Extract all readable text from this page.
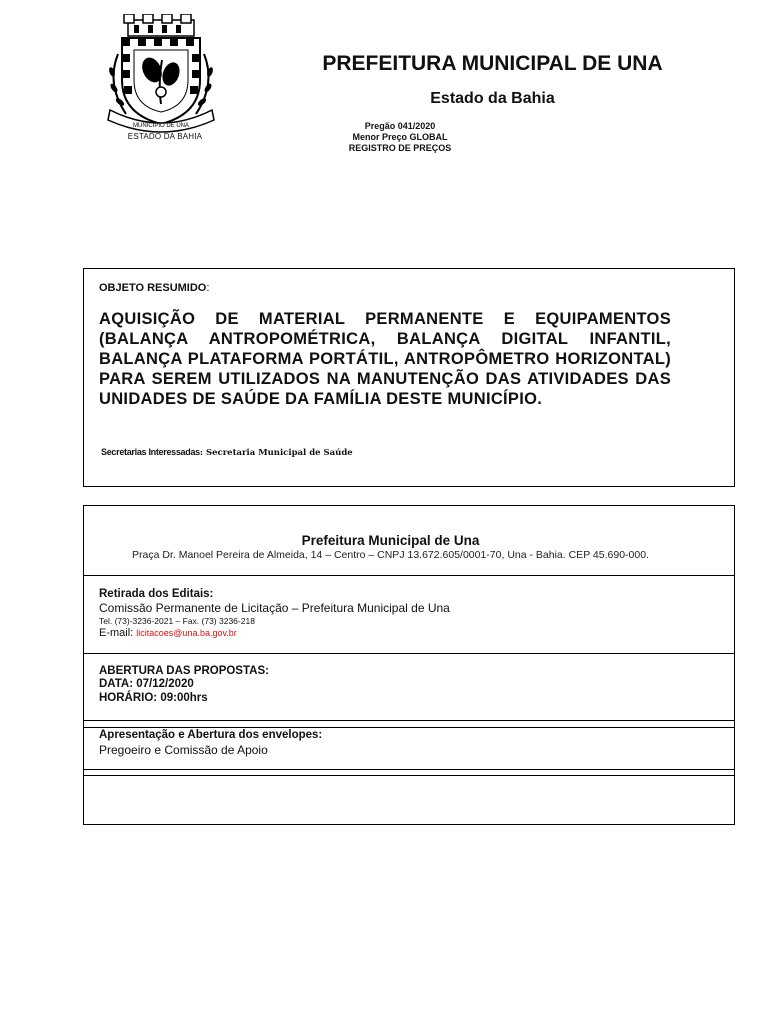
MUNICÍPIO DE UNA
ESTADO DA BAHIA
PREFEITURA MUNICIPAL DE UNA
Estado da Bahia
Pregão 041/2020
Menor Preço GLOBAL
REGISTRO DE PREÇOS
OBJETO RESUMIDO:
AQUISIÇÃO DE MATERIAL PERMANENTE E EQUIPAMENTOS (BALANÇA ANTROPOMÉTRICA, BALANÇA DIGITAL INFANTIL, BALANÇA PLATAFORMA PORTÁTIL, ANTROPÔMETRO HORIZONTAL) PARA SEREM UTILIZADOS NA MANUTENÇÃO DAS ATIVIDADES DAS UNIDADES DE SAÚDE DA FAMÍLIA DESTE MUNICÍPIO.
Secretarias Interessadas: Secretaria Municipal de Saúde
Prefeitura Municipal de Una
Praça Dr. Manoel Pereira de Almeida, 14 – Centro – CNPJ 13.672.605/0001-70, Una - Bahia. CEP 45.690-000.
Retirada dos Editais:
Comissão Permanente de Licitação – Prefeitura Municipal de Una
Tel. (73)-3236-2021 – Fax. (73) 3236-218
E-mail: licitacoes@una.ba.gov.br
ABERTURA DAS PROPOSTAS:
DATA: 07/12/2020
HORÁRIO: 09:00hrs
Apresentação e Abertura dos envelopes:
Pregoeiro e Comissão de Apoio
